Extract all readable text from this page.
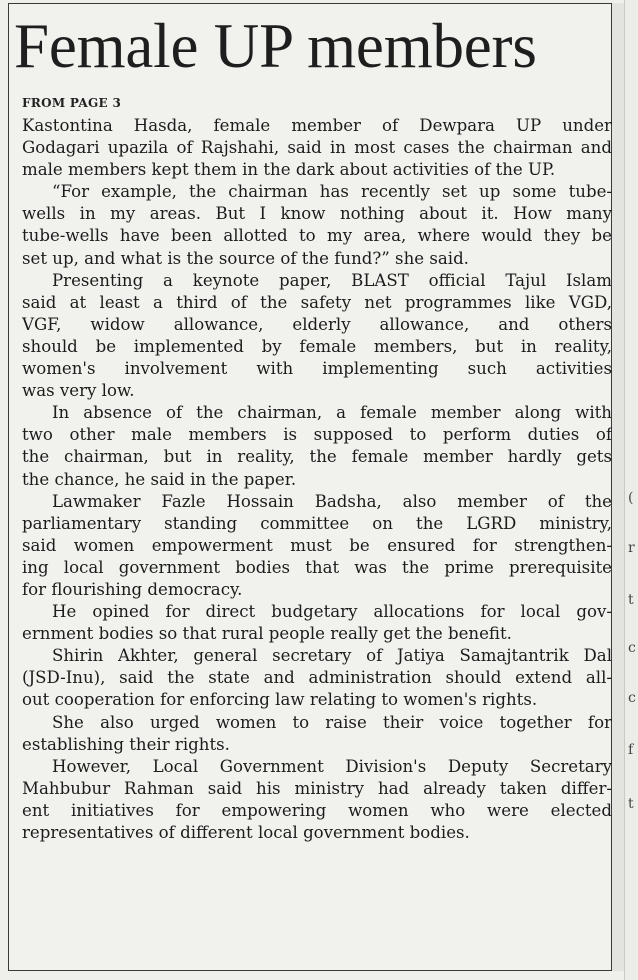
Female UP members

FROM PAGE 3

Kastontina Hasda, female member of Dewpara UP under
Godagari upazila of Rajshahi, said in most cases the chairman and
male members kept them in the dark about activities of the UP.
“For example, the chairman has recently set up some tube-
wells in my areas. But I know nothing about it. How many
tube-wells have been allotted to my area, where would they be
set up, and what is the source of the fund?” she said.
Presenting a keynote paper, BLAST official Tajul Islam
said at least a third of the safety net programmes like VGD,
VGF, widow allowance, elderly allowance, and others
should be implemented by female members, but in reality,
women's involvement with implementing such activities
was very low.
In absence of the chairman, a female member along with
two other male members is supposed to perform duties of
the chairman, but in reality, the female member hardly gets
the chance, he said in the paper.
Lawmaker Fazle Hossain Badsha, also member of the
parliamentary standing committee on the LGRD ministry,
said women empowerment must be ensured for strengthen-
ing local government bodies that was the prime prerequisite
for flourishing democracy.
He opined for direct budgetary allocations for local gov-
ernment bodies so that rural people really get the benefit.
Shirin Akhter, general secretary of Jatiya Samajtantrik Dal
(JSD-Inu), said the state and administration should extend all-
out cooperation for enforcing law relating to women's rights.
She also urged women to raise their voice together for
establishing their rights.
However, Local Government Division's Deputy Secretary
Mahbubur Rahman said his ministry had already taken differ-
ent initiatives for empowering women who were elected
representatives of different local government bodies.
(
r
t
c
c
f
t
